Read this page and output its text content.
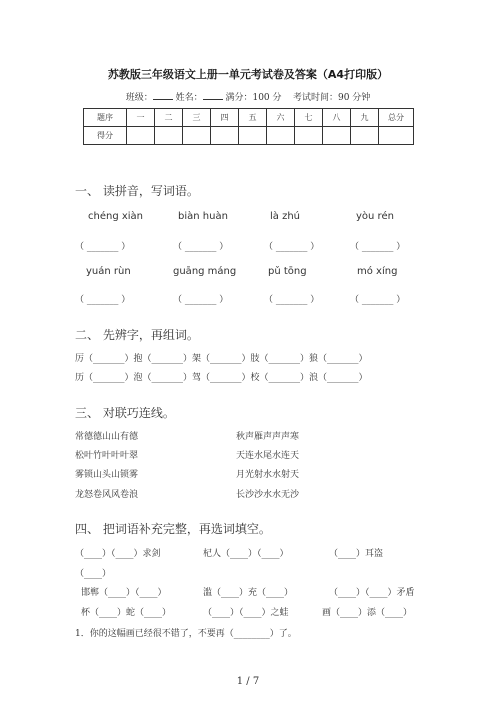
苏教版三年级语文上册一单元考试卷及答案（A4打印版）
班级：	姓名：	满分：100 分 考试时间：90 分钟
题序	一	二	三	四	五	六	七	八	九	总分
得分										
一、 读拼音，写词语。
chéng xiàn	biàn huàn	là zhú	yòu rén
（ _______ ）	（ _______ ）	（ _______ ）	（ _______ ）
yuán rùn	guāng máng	pǔ tōng	mó xíng
（ _______ ）	（ _______ ）	（ _______ ）	（ _______ ）
二、 先辨字，再组词。
厉（_______）抱（_______）架（_______）肢（_______）狼（_______）
历（_______）泡（_______）驾（_______）校（_______）浪（_______）
三、 对联巧连线。
常德德山山有德
松叶竹叶叶叶翠
雾锁山头山锁雾
龙怒卷风风卷浪
秋声雁声声声寒
天连水尾水连天
月光射水水射天
长沙沙水水无沙
四、 把词语补充完整，再选词填空。
（____）（____）求剑	杞人（____）（____）	（____）耳盗
（____）
邯郸（____）（____）	滥（____）充（____）	（____）（____）矛盾
杯（____）蛇（____）	（____）（____）之蛙	画（____）添（____）
1．你的这幅画已经很不错了，不要再（________）了。
1 / 7
